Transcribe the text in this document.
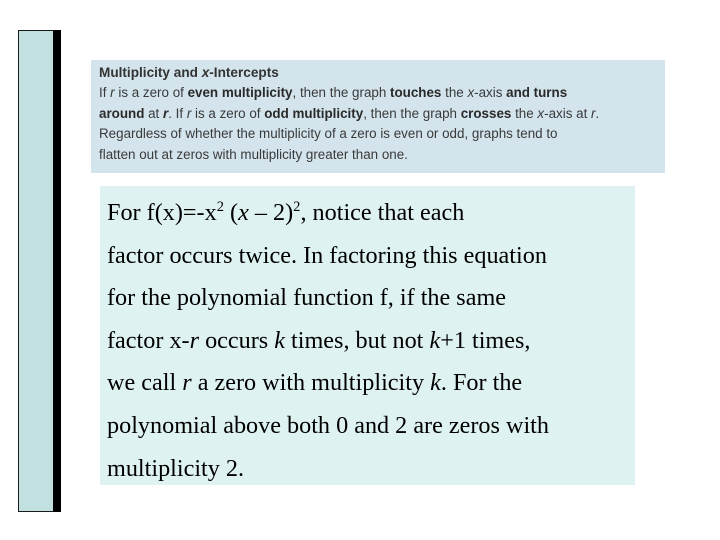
Multiplicity and x-Intercepts
If r is a zero of even multiplicity, then the graph touches the x-axis and turns
around at r. If r is a zero of odd multiplicity, then the graph crosses the x-axis at r.
Regardless of whether the multiplicity of a zero is even or odd, graphs tend to
flatten out at zeros with multiplicity greater than one.
For $f(x)=-x^2$ (x – 2)$^2$, notice that each
factor occurs twice. In factoring this equation
for the polynomial function f, if the same
factor x-r occurs k times, but not k+1 times,
we call r a zero with multiplicity k. For the
polynomial above both 0 and 2 are zeros with
multiplicity 2.
